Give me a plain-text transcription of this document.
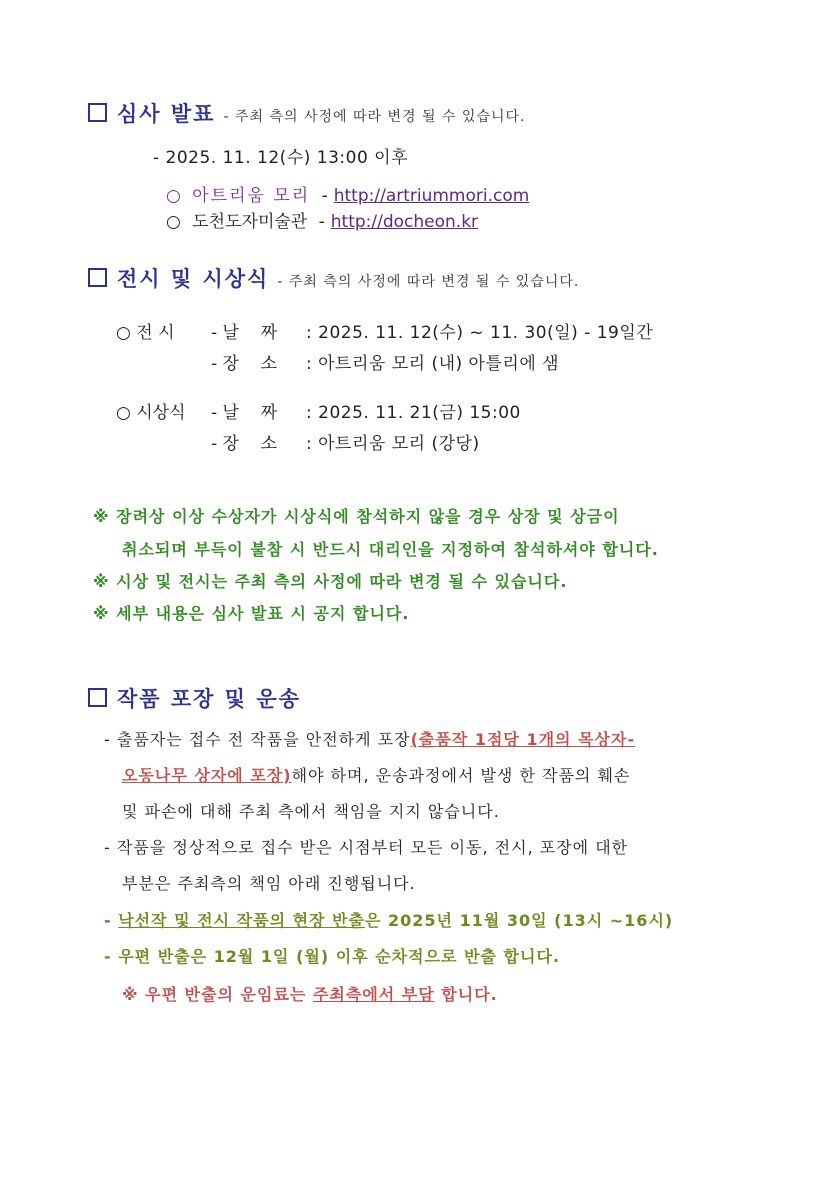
심사 발표 - 주최 측의 사정에 따라 변경 될 수 있습니다.
- 2025. 11. 12(수) 13:00 이후
○ 아트리움 모리 - http://artriummori.com
○ 도천도자미술관 - http://docheon.kr
전시 및 시상식 - 주최 측의 사정에 따라 변경 될 수 있습니다.
○ 전 시 - 날    짜 : 2025. 11. 12(수) ~ 11. 30(일) - 19일간
- 장    소 : 아트리움 모리 (내) 아틀리에 샘
○ 시상식 - 날    짜 : 2025. 11. 21(금) 15:00
- 장    소 : 아트리움 모리 (강당)
※ 장려상 이상 수상자가 시상식에 참석하지 않을 경우 상장 및 상금이
취소되며 부득이 불참 시 반드시 대리인을 지정하여 참석하셔야 합니다.
※ 시상 및 전시는 주최 측의 사정에 따라 변경 될 수 있습니다.
※ 세부 내용은 심사 발표 시 공지 합니다.
작품 포장 및 운송
- 출품자는 접수 전 작품을 안전하게 포장(출품작 1점당 1개의 목상자-
오동나무 상자에 포장)해야 하며, 운송과정에서 발생 한 작품의 훼손
및 파손에 대해 주최 측에서 책임을 지지 않습니다.
- 작품을 정상적으로 접수 받은 시점부터 모든 이동, 전시, 포장에 대한
부분은 주최측의 책임 아래 진행됩니다.
- 낙선작 및 전시 작품의 현장 반출은 2025년 11월 30일 (13시 ~16시)
- 우편 반출은 12월 1일 (월) 이후 순차적으로 반출 합니다.
※ 우편 반출의 운임료는 주최측에서 부담 합니다.
